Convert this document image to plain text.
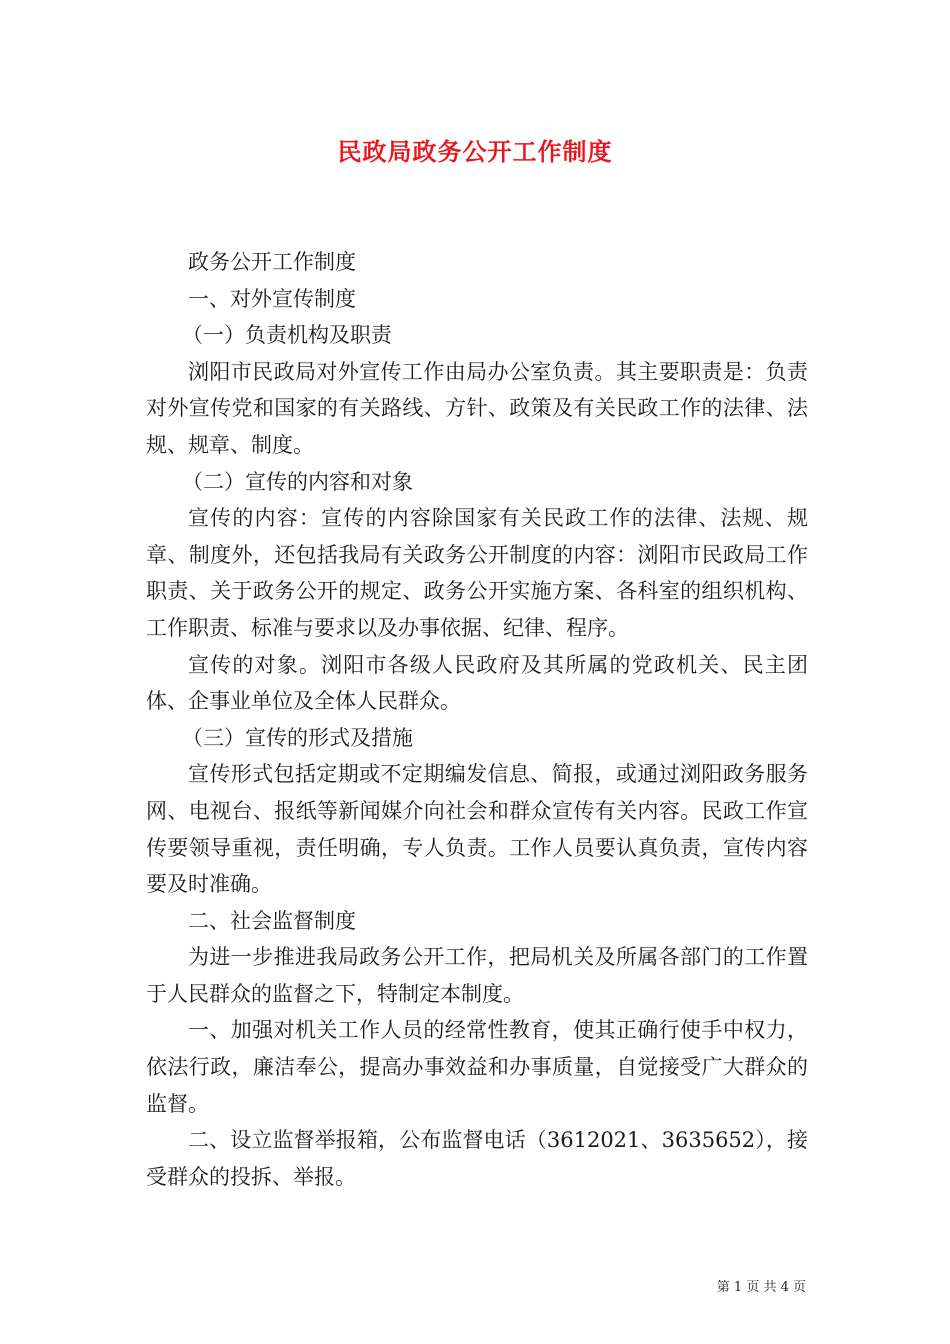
民政局政务公开工作制度

政务公开工作制度

一、对外宣传制度

（一）负责机构及职责

浏阳市民政局对外宣传工作由局办公室负责。其主要职责是：负责对外宣传党和国家的有关路线、方针、政策及有关民政工作的法律、法规、规章、制度。

（二）宣传的内容和对象

宣传的内容：宣传的内容除国家有关民政工作的法律、法规、规章、制度外，还包括我局有关政务公开制度的内容：浏阳市民政局工作职责、关于政务公开的规定、政务公开实施方案、各科室的组织机构、工作职责、标准与要求以及办事依据、纪律、程序。

宣传的对象。浏阳市各级人民政府及其所属的党政机关、民主团体、企事业单位及全体人民群众。

（三）宣传的形式及措施

宣传形式包括定期或不定期编发信息、简报，或通过浏阳政务服务网、电视台、报纸等新闻媒介向社会和群众宣传有关内容。民政工作宣传要领导重视，责任明确，专人负责。工作人员要认真负责，宣传内容要及时准确。

二、社会监督制度

为进一步推进我局政务公开工作，把局机关及所属各部门的工作置于人民群众的监督之下，特制定本制度。

一、加强对机关工作人员的经常性教育，使其正确行使手中权力，依法行政，廉洁奉公，提高办事效益和办事质量，自觉接受广大群众的监督。

二、设立监督举报箱，公布监督电话（3612021、3635652），接受群众的投拆、举报。

第 1 页 共 4 页
